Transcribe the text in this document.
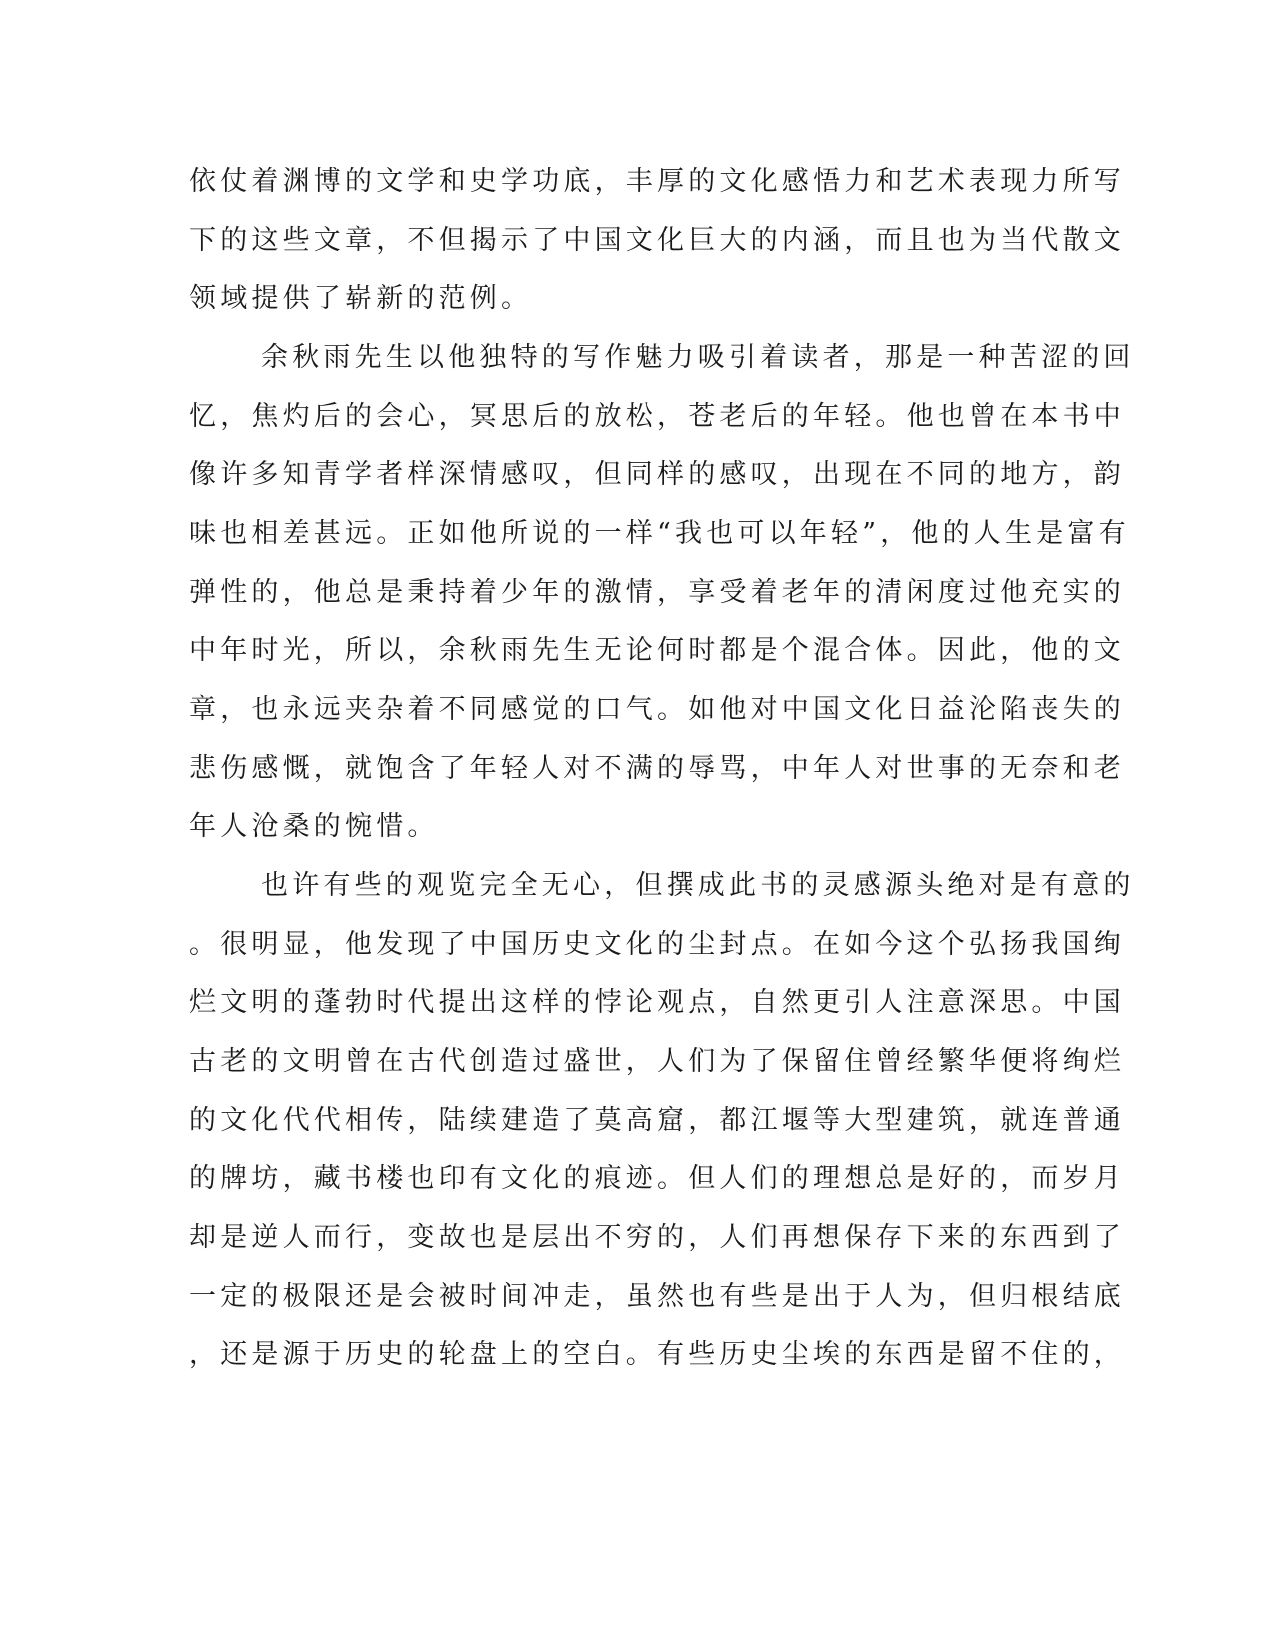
依仗着渊博的文学和史学功底，丰厚的文化感悟力和艺术表现力所写
下的这些文章，不但揭示了中国文化巨大的内涵，而且也为当代散文
领域提供了崭新的范例。
余秋雨先生以他独特的写作魅力吸引着读者，那是一种苦涩的回
忆，焦灼后的会心，冥思后的放松，苍老后的年轻。他也曾在本书中
像许多知青学者样深情感叹，但同样的感叹，出现在不同的地方，韵
味也相差甚远。正如他所说的一样“我也可以年轻”，他的人生是富有
弹性的，他总是秉持着少年的激情，享受着老年的清闲度过他充实的
中年时光，所以，余秋雨先生无论何时都是个混合体。因此，他的文
章，也永远夹杂着不同感觉的口气。如他对中国文化日益沦陷丧失的
悲伤感慨，就饱含了年轻人对不满的辱骂，中年人对世事的无奈和老
年人沧桑的惋惜。
也许有些的观览完全无心，但撰成此书的灵感源头绝对是有意的
。很明显，他发现了中国历史文化的尘封点。在如今这个弘扬我国绚
烂文明的蓬勃时代提出这样的悖论观点，自然更引人注意深思。中国
古老的文明曾在古代创造过盛世，人们为了保留住曾经繁华便将绚烂
的文化代代相传，陆续建造了莫高窟，都江堰等大型建筑，就连普通
的牌坊，藏书楼也印有文化的痕迹。但人们的理想总是好的，而岁月
却是逆人而行，变故也是层出不穷的，人们再想保存下来的东西到了
一定的极限还是会被时间冲走，虽然也有些是出于人为，但归根结底
，还是源于历史的轮盘上的空白。有些历史尘埃的东西是留不住的，
